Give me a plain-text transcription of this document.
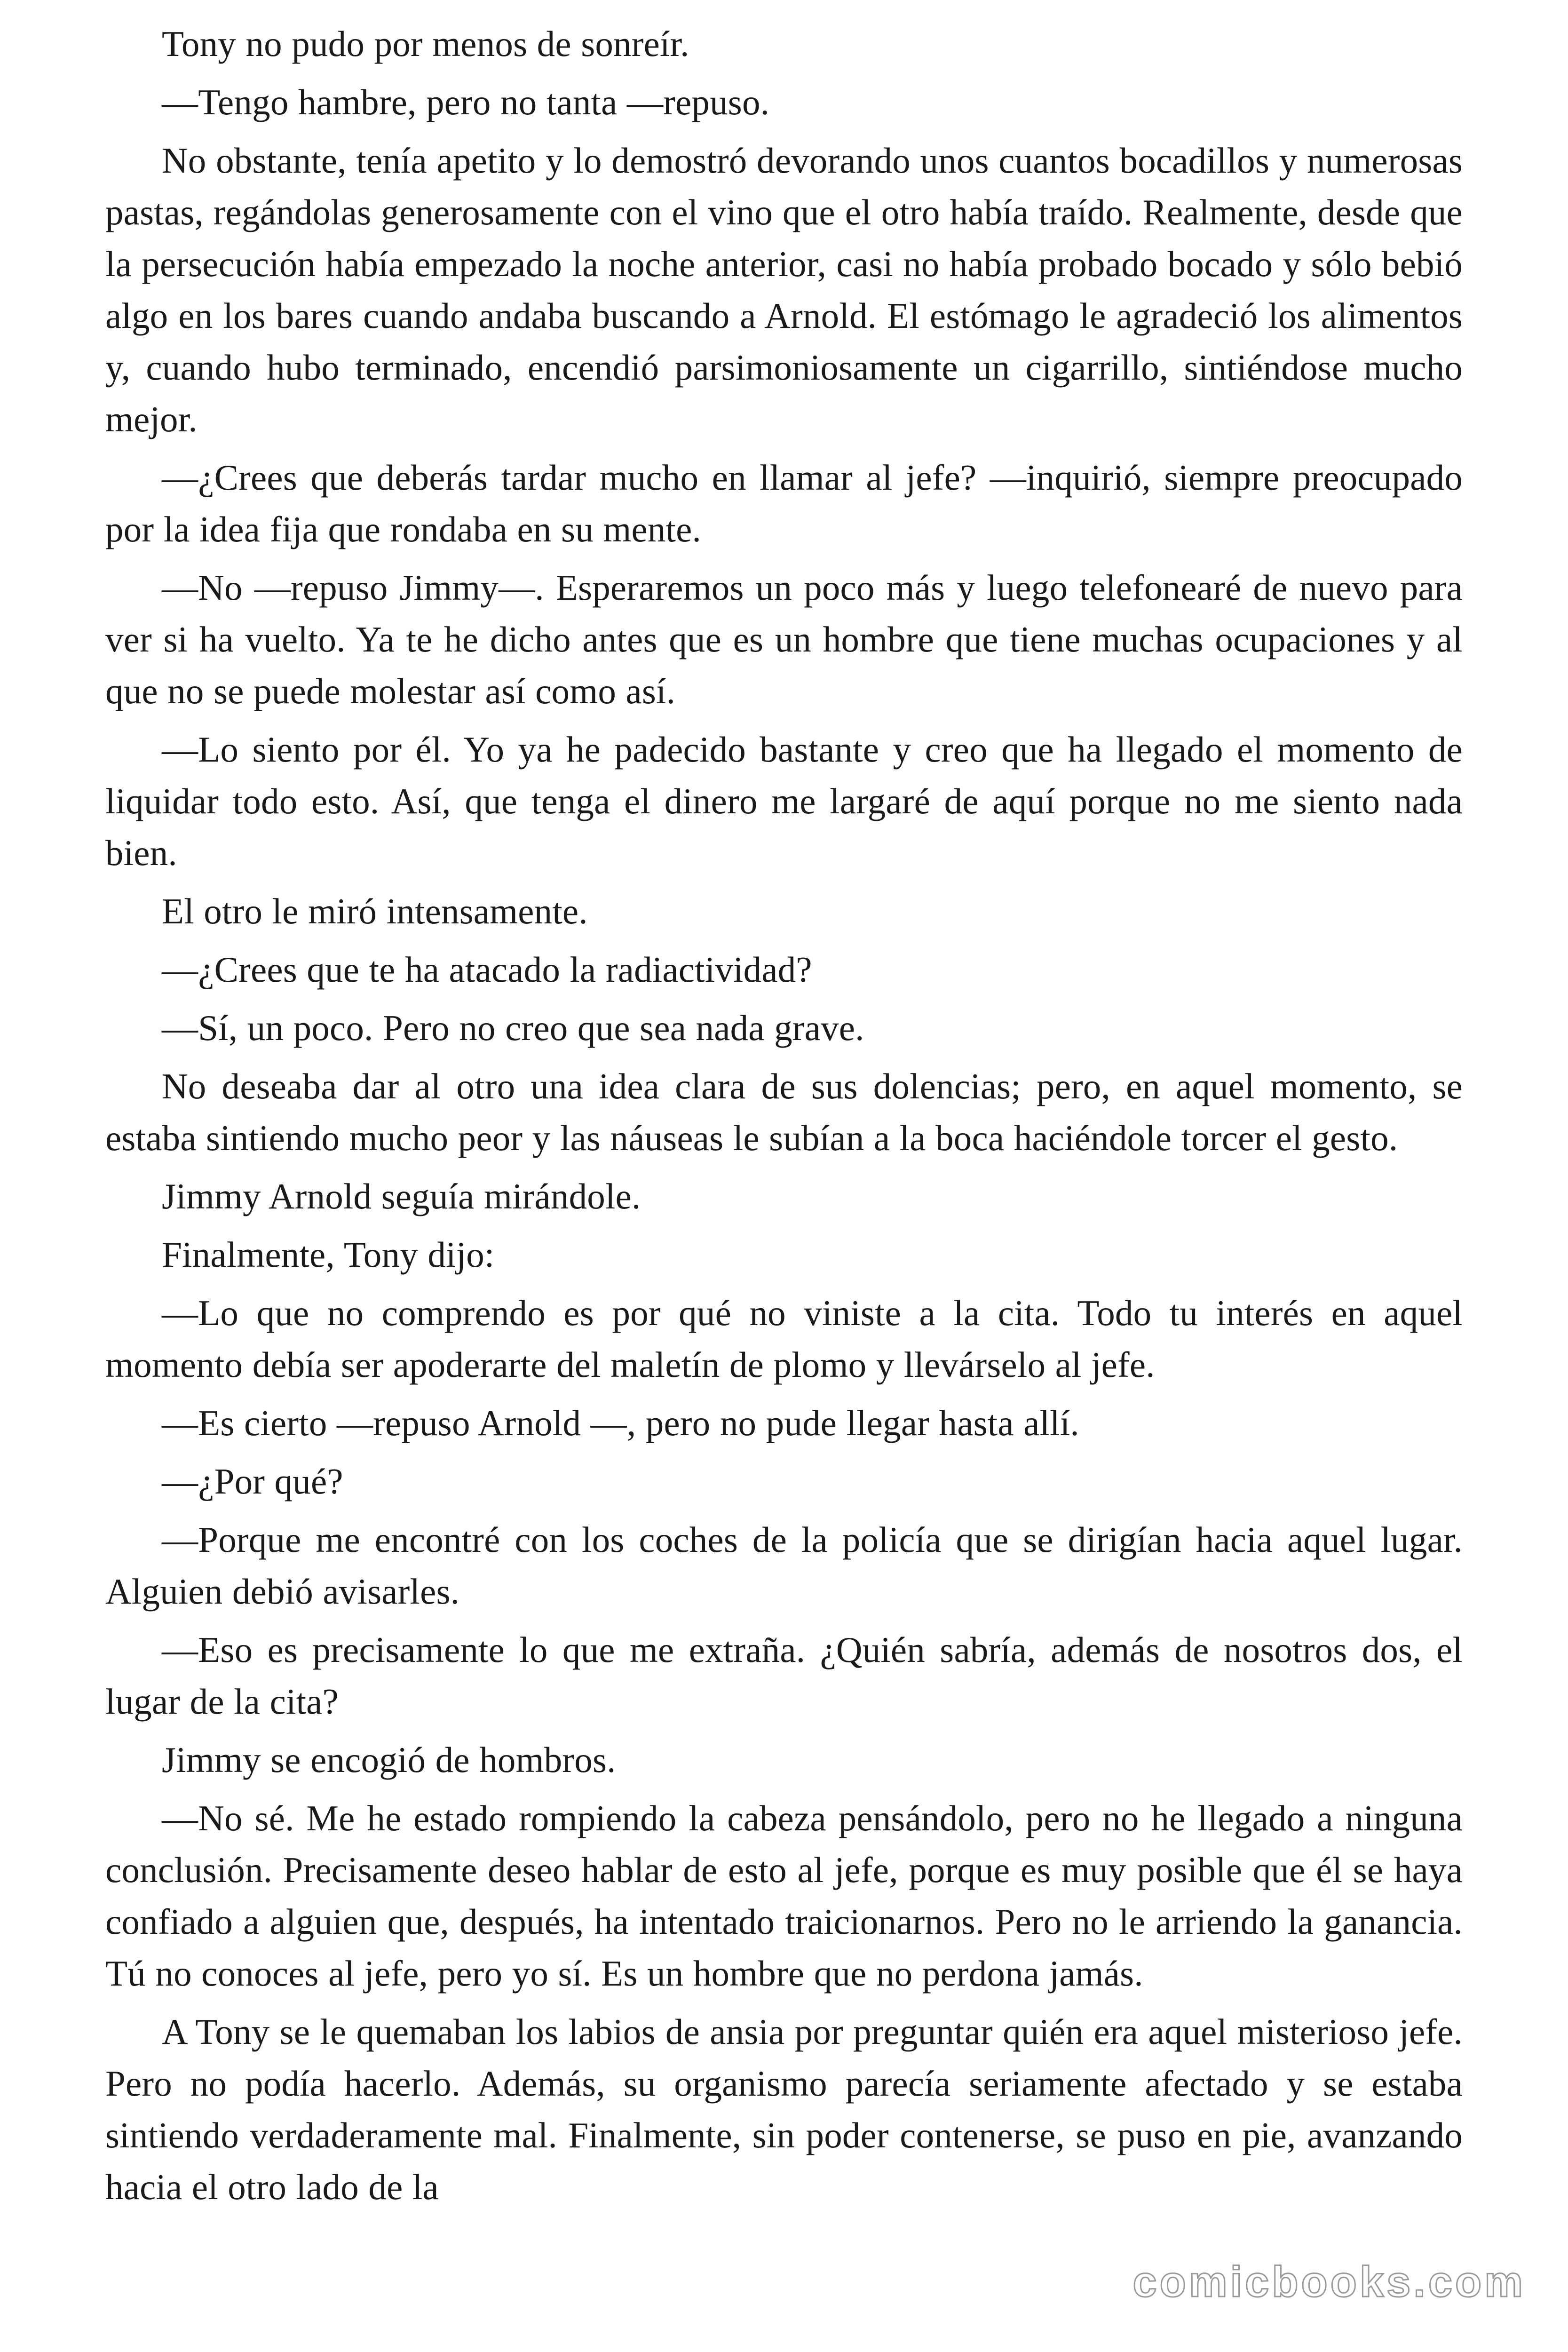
Tony no pudo por menos de sonreír.

—Tengo hambre, pero no tanta —repuso.

No obstante, tenía apetito y lo demostró devorando unos cuantos bocadillos y numerosas pastas, regándolas generosamente con el vino que el otro había traído. Realmente, desde que la persecución había empezado la noche anterior, casi no había probado bocado y sólo bebió algo en los bares cuando andaba buscando a Arnold. El estómago le agradeció los alimentos y, cuando hubo terminado, encendió parsimoniosamente un cigarrillo, sintiéndose mucho mejor.

—¿Crees que deberás tardar mucho en llamar al jefe? —inquirió, siempre preocupado por la idea fija que rondaba en su mente.

—No —repuso Jimmy—. Esperaremos un poco más y luego telefonearé de nuevo para ver si ha vuelto. Ya te he dicho antes que es un hombre que tiene muchas ocupaciones y al que no se puede molestar así como así.

—Lo siento por él. Yo ya he padecido bastante y creo que ha llegado el momento de liquidar todo esto. Así, que tenga el dinero me largaré de aquí porque no me siento nada bien.

El otro le miró intensamente.

—¿Crees que te ha atacado la radiactividad?

—Sí, un poco. Pero no creo que sea nada grave.

No deseaba dar al otro una idea clara de sus dolencias; pero, en aquel momento, se estaba sintiendo mucho peor y las náuseas le subían a la boca haciéndole torcer el gesto.

Jimmy Arnold seguía mirándole.

Finalmente, Tony dijo:

—Lo que no comprendo es por qué no viniste a la cita. Todo tu interés en aquel momento debía ser apoderarte del maletín de plomo y llevárselo al jefe.

—Es cierto —repuso Arnold —, pero no pude llegar hasta allí.

—¿Por qué?

—Porque me encontré con los coches de la policía que se dirigían hacia aquel lugar. Alguien debió avisarles.

—Eso es precisamente lo que me extraña. ¿Quién sabría, además de nosotros dos, el lugar de la cita?

Jimmy se encogió de hombros.

—No sé. Me he estado rompiendo la cabeza pensándolo, pero no he llegado a ninguna conclusión. Precisamente deseo hablar de esto al jefe, porque es muy posible que él se haya confiado a alguien que, después, ha intentado traicionarnos. Pero no le arriendo la ganancia. Tú no conoces al jefe, pero yo sí. Es un hombre que no perdona jamás.

A Tony se le quemaban los labios de ansia por preguntar quién era aquel misterioso jefe. Pero no podía hacerlo. Además, su organismo parecía seriamente afectado y se estaba sintiendo verdaderamente mal. Finalmente, sin poder contenerse, se puso en pie, avanzando hacia el otro lado de la

comicbooks.com
